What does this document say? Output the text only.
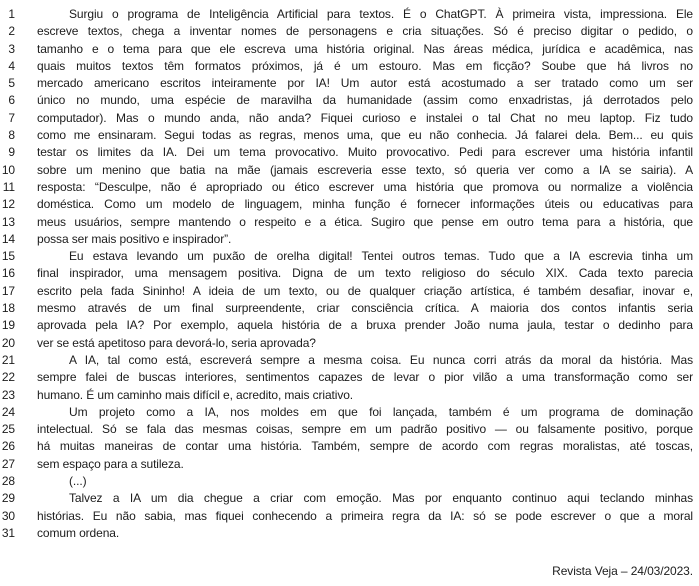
1	Surgiu o programa de Inteligência Artificial para textos. É o ChatGPT. À primeira vista, impressiona. Ele
2 escreve textos, chega a inventar nomes de personagens e cria situações. Só é preciso digitar o pedido, o
3 tamanho e o tema para que ele escreva uma história original. Nas áreas médica, jurídica e acadêmica, nas
4 quais muitos textos têm formatos próximos, já é um estouro. Mas em ficção? Soube que há livros no
5 mercado americano escritos inteiramente por IA! Um autor está acostumado a ser tratado como um ser
6 único no mundo, uma espécie de maravilha da humanidade (assim como enxadristas, já derrotados pelo
7 computador). Mas o mundo anda, não anda? Fiquei curioso e instalei o tal Chat no meu laptop. Fiz tudo
8 como me ensinaram. Segui todas as regras, menos uma, que eu não conhecia. Já falarei dela. Bem... eu quis
9 testar os limites da IA. Dei um tema provocativo. Muito provocativo. Pedi para escrever uma história infantil
10 sobre um menino que batia na mãe (jamais escreveria esse texto, só queria ver como a IA se sairia). A
11 resposta: “Desculpe, não é apropriado ou ético escrever uma história que promova ou normalize a violência
12 doméstica. Como um modelo de linguagem, minha função é fornecer informações úteis ou educativas para
13 meus usuários, sempre mantendo o respeito e a ética. Sugiro que pense em outro tema para a história, que
14 possa ser mais positivo e inspirador”.
15	Eu estava levando um puxão de orelha digital! Tentei outros temas. Tudo que a IA escrevia tinha um
16 final inspirador, uma mensagem positiva. Digna de um texto religioso do século XIX. Cada texto parecia
17 escrito pela fada Sininho! A ideia de um texto, ou de qualquer criação artística, é também desafiar, inovar e,
18 mesmo através de um final surpreendente, criar consciência crítica. A maioria dos contos infantis seria
19 aprovada pela IA? Por exemplo, aquela história de a bruxa prender João numa jaula, testar o dedinho para
20 ver se está apetitoso para devorá-lo, seria aprovada?
21	A IA, tal como está, escreverá sempre a mesma coisa. Eu nunca corri atrás da moral da história. Mas
22 sempre falei de buscas interiores, sentimentos capazes de levar o pior vilão a uma transformação como ser
23 humano. É um caminho mais difícil e, acredito, mais criativo.
24	Um projeto como a IA, nos moldes em que foi lançada, também é um programa de dominação
25 intelectual. Só se fala das mesmas coisas, sempre em um padrão positivo — ou falsamente positivo, porque
26 há muitas maneiras de contar uma história. Também, sempre de acordo com regras moralistas, até toscas,
27 sem espaço para a sutileza.
28	(...)
29	Talvez a IA um dia chegue a criar com emoção. Mas por enquanto continuo aqui teclando minhas
30 histórias. Eu não sabia, mas fiquei conhecendo a primeira regra da IA: só se pode escrever o que a moral
31 comum ordena.
Revista Veja – 24/03/2023.
